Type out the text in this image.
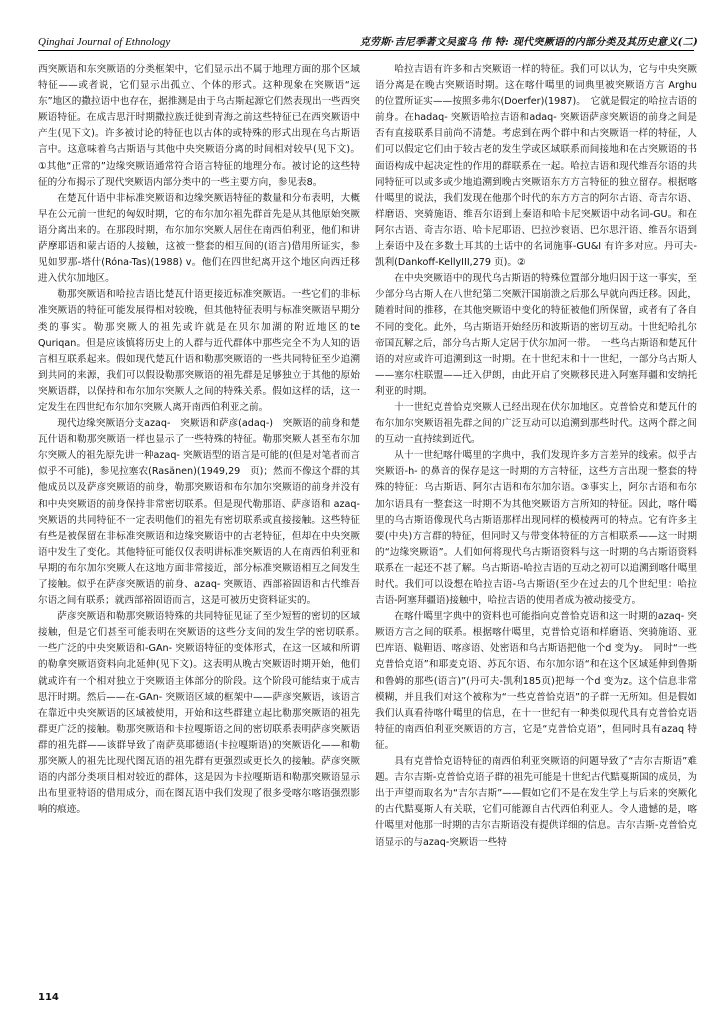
Qinghai Journal of Ethnology	克劳斯·吉尼季著文吴蛮乌 伟 特: 现代突厥语的内部分类及其历史意义(二)

西突厥语和东突厥语的分类框架中，它们显示出不属于地理方面的那个区域特征——或者说，它们显示出孤立、个体的形式。这种现象在突厥语“远东”地区的撒拉语中也存在，据推测是由于乌古斯起源它们然表现出一些西突厥语特征。在成吉思汗时期撒拉族迁徙到青海之前这些特征已在西突厥语中产生(见下文)。许多被讨论的特征也以古体的或特殊的形式出现在乌古斯语言中。这意味着乌古斯语与其他中央突厥语分离的时间相对较早(见下文)。①其他“正常的”边缘突厥语通常符合语言特征的地理分布。被讨论的这些特征的分布揭示了现代突厥语内部分类中的一些主要方向，参见表8。

在楚瓦什语中非标准突厥语和边缘突厥语特征的数量和分布表明，大概早在公元前一世纪的匈奴时期，它的布尔加尔祖先群首先是从其他原始突厥语分离出来的。在那段时期，布尔加尔突厥人居住在南西伯利亚，他们和讲萨摩耶语和蒙古语的人接触，这被一整套的相互间的(语言)借用所证实，参见如罗那-塔什(Róna-Tas)(1988) ⅴ。他们在四世纪离开这个地区向西迁移进入伏尔加地区。

勒那突厥语和哈拉吉语比楚瓦什语更接近标准突厥语。一些它们的非标准突厥语的特征可能发展得相对较晚，但其他特征表明与标准突厥语早期分类的事实。勒那突厥人的祖先或许就是在贝尔加湖的附近地区的te　Quriqan。但是应该慎将历史上的人群与近代群体中那些完全不为人知的语言相互联系起来。假如现代楚瓦什语和勒那突厥语的一些共同特征至少追溯到共同的来源，我们可以假设勒那突厥语的祖先群是足够独立于其他的原始突厥语群，以保持和布尔加尔突厥人之间的特殊关系。假如这样的话，这一定发生在四世纪布尔加尔突厥人离开南西伯利亚之前。

现代边缘突厥语分支azaq-　突厥语和萨彦(adaq-)　突厥语的前身和楚瓦什语和勒那突厥语一样也显示了一些特殊的特征。勒那突厥人甚至布尔加尔突厥人的祖先原先讲一种azaq- 突厥语型的语言是可能的(但是对笔者而言似乎不可能)，参见拉塞农(Rasänen)(1949,29　页)；然而不像这个群的其他成员以及萨彦突厥语的前身，勒那突厥语和布尔加尔突厥语的前身并没有和中央突厥语的前身保持非常密切联系。但是现代勒那语、萨彦语和 azaq- 突厥语的共同特征不一定表明他们的祖先有密切联系或直接接触。这些特征有些是被保留在非标准突厥语和边缘突厥语中的古老特征，但却在中央突厥语中发生了变化。其他特征可能仅仅表明讲标准突厥语的人在南西伯利亚和早期的布尔加尔突厥人在这地方面非常接近，部分标准突厥语相互之间发生了接触。似乎在萨彦突厥语的前身、azaq- 突厥语、西部裕固语和古代维吾尔语之间有联系；就西部裕固语而言，这是可被历史资料证实的。

萨彦突厥语和勒那突厥语特殊的共同特征见证了至少短暂的密切的区域接触，但是它们甚至可能表明在突厥语的这些分支间的发生学的密切联系。　一些广泛的中央突厥语和-GAn- 突厥语特征的变体形式，在这一区域和所谓的勒拿突厥语资料向北延伸(见下文)。这表明从晚古突厥语时期开始，他们就或许有一个相对独立于突厥语主体部分的阶段。这个阶段可能结束于成吉思汗时期。然后——在-GAn- 突厥语区域的框架中——萨彦突厥语，该语言在靠近中央突厥语的区域被使用，开始和这些群建立起比勒那突厥语的祖先群更广泛的接触。勒那突厥语和卡拉嘎斯语之间的密切联系表明萨彦突厥语群的祖先群——该群导致了南萨莫耶德语(卡拉嘎斯语)的突厥语化——和勒那突厥人的祖先比现代图瓦语的祖先群有更强烈或更长久的接触。萨彦突厥语的内部分类项目相对较近的群体，这是因为卡拉嘎斯语和勒那突厥语显示出布里亚特语的借用成分，而在图瓦语中我们发现了很多受喀尔喀语强烈影响的痕迹。

哈拉吉语有许多和古突厥语一样的特征。我们可以认为，它与中央突厥语分离是在晚古突厥语时期。这在喀什噶里的词典里被突厥语方言 Arghu 的位置所证实——按照多弗尔(Doerfer)(1987)。　它就是假定的哈拉吉语的前身。在hadaq- 突厥语哈拉吉语和adaq- 突厥语萨彦突厥语的前身之间是否有直接联系目前尚不清楚。考虑到在两个群中和古突厥语一样的特征，人们可以假定它们由于较古老的发生学或区域联系而间接地和在古突厥语的书面语构成中起决定性的作用的群联系在一起。哈拉吉语和现代维吾尔语的共同特征可以或多或少地追溯到晚古突厥语东方方言特征的独立留存。根据喀什噶里的说法，我们发现在他那个时代的东方方言的阿尔古语、奇吉尔语、样磨语、突骑施语、维吾尔语到上秦语和哈卡尼突厥语中动名词-GU。和在阿尔古语、奇吉尔语、哈卡尼耶语、巴拉沙衮语、巴尔思汗语、维吾尔语到上秦语中及在多数土耳其的土话中的名词施事-GU&I 有许多对应。丹可夫-凯利(Dankoff-KellyIII,279 页)。②

在中央突厥语中的现代乌古斯语的特殊位置部分地归因于这一事实，至少部分乌古斯人在八世纪第二突厥汗国崩溃之后那么早就向西迁移。因此，随着时间的推移，在其他突厥语中变化的特征被他们所保留，或者有了各自不同的变化。此外，乌古斯语开始经历和波斯语的密切互动。十世纪哈扎尔帝国瓦解之后，部分乌古斯人定居于伏尔加河一带。　一些乌古斯语和楚瓦什语的对应或许可追溯到这一时期。在十世纪末和十一世纪，一部分乌古斯人——塞尔柱联盟——迁入伊朗，由此开启了突厥移民进入阿塞拜疆和安纳托利亚的时期。

十一世纪克普恰克突厥人已经出现在伏尔加地区。克普恰克和楚瓦什的布尔加尔突厥语祖先群之间的广泛互动可以追溯到那些时代。这两个群之间的互动一直持续到近代。

从十一世纪喀什噶里的字典中，我们发现许多方言差异的线索。似乎古突厥语-h- 的鼻音的保存是这一时期的方言特征，这些方言出现一整套的特殊的特征：乌古斯语、阿尔古语和布尔加尔语。③事实上，阿尔古语和布尔加尔语具有一整套这一时期不为其他突厥语方言所知的特征。因此，喀什噶里的乌古斯语像现代乌古斯语那样出现同样的模棱两可的特点。它有许多主要(中央)方言群的特征，但同时又与带变体特征的方言相联系——这一时期的“边缘突厥语”。人们如何将现代乌古斯语资料与这一时期的乌古斯语资料联系在一起还不甚了解。乌古斯语-哈拉吉语的互动之初可以追溯到喀什噶里时代。我们可以设想在哈拉吉语-乌古斯语(至少在过去的几个世纪里：哈拉吉语-阿塞拜疆语)接触中，哈拉吉语的使用者成为被动接受方。

在喀什噶里字典中的资料也可能指向克普恰克语和这一时期的azaq- 突厥语方言之间的联系。根据喀什噶里，克普恰克语和样磨语、突骑施语、亚巴库语、鞑靼语、喀彦语、处密语和乌古斯语把他一个d 变为y。　同时“一些克普恰克语”和耶麦克语、苏瓦尔语、布尔加尔语“和在这个区域延伸到鲁斯和鲁姆的那些(语言)”(丹可夫-凯利185页)把每一个d 变为z。这个信息非常模糊，并且我们对这个被称为“一些克普恰克语”的子群一无所知。但是假如我们认真看待喀什噶里的信息，在十一世纪有一种类似现代具有克普恰克语特征的南西伯利亚突厥语的方言，它是“克普恰克语”，但同时具有azaq 特征。

具有克普恰克语特征的南西伯利亚突厥语的问题导致了“吉尔吉斯语”难题。吉尔吉斯-克普恰克语子群的祖先可能是十世纪古代黠戛斯国的成员，为出于声望而取名为“吉尔吉斯”——假如它们不是在发生学上与后来的突厥化的古代黠戛斯人有关联，它们可能源自古代西伯利亚人。令人遗憾的是，喀什噶里对他那一时期的吉尔吉斯语没有提供详细的信息。吉尔吉斯-克普恰克语显示的与azaq-突厥语一些特

114
